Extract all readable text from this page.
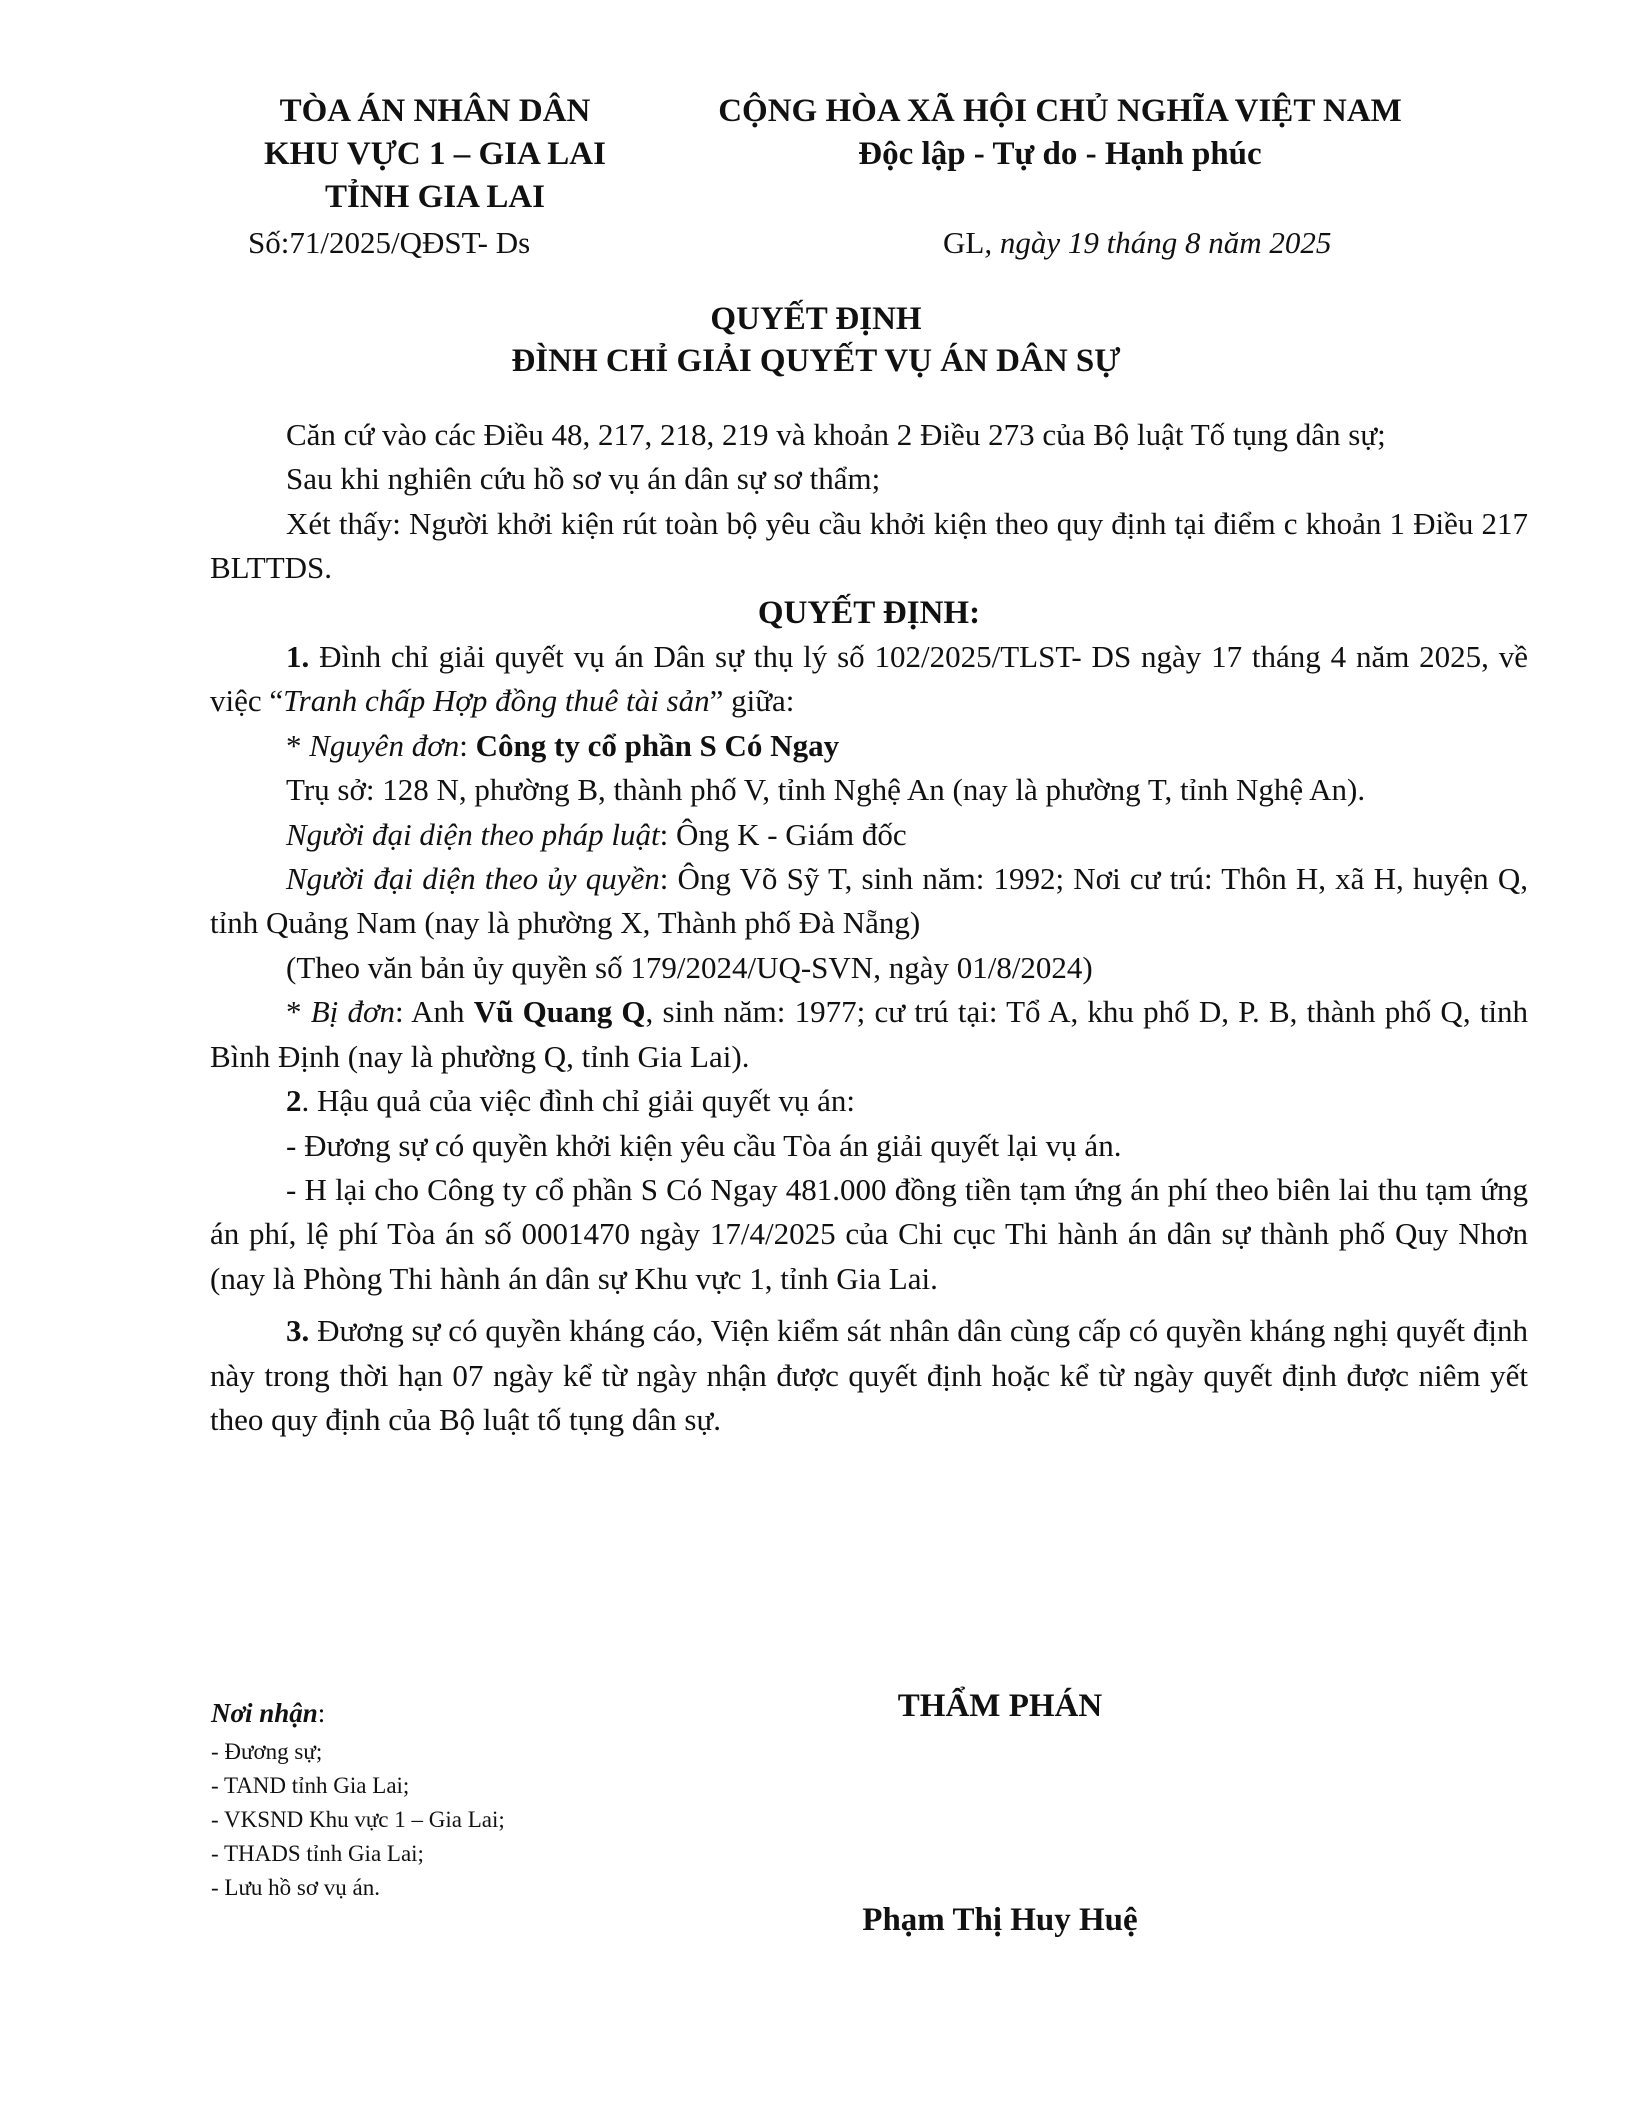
TÒA ÁN NHÂN DÂN
KHU VỰC 1 – GIA LAI
TỈNH GIA LAI
CỘNG HÒA XÃ HỘI CHỦ NGHĨA VIỆT NAM
Độc lập - Tự do - Hạnh phúc
Số:71/2025/QĐST- Ds	GL, ngày 19 tháng 8 năm 2025
QUYẾT ĐỊNH
ĐÌNH CHỈ GIẢI QUYẾT VỤ ÁN DÂN SỰ

Căn cứ vào các Điều 48, 217, 218, 219 và khoản 2 Điều 273 của Bộ luật Tố tụng dân sự;

Sau khi nghiên cứu hồ sơ vụ án dân sự sơ thẩm;

Xét thấy: Người khởi kiện rút toàn bộ yêu cầu khởi kiện theo quy định tại điểm c khoản 1 Điều 217 BLTTDS.

QUYẾT ĐỊNH:

1. Đình chỉ giải quyết vụ án Dân sự thụ lý số 102/2025/TLST- DS ngày 17 tháng 4 năm 2025, về việc “Tranh chấp Hợp đồng thuê tài sản” giữa:

* Nguyên đơn: Công ty cổ phần S Có Ngay

Trụ sở: 128 N, phường B, thành phố V, tỉnh Nghệ An (nay là phường T, tỉnh Nghệ An).

Người đại diện theo pháp luật: Ông K - Giám đốc

Người đại diện theo ủy quyền: Ông Võ Sỹ T, sinh năm: 1992; Nơi cư trú: Thôn H, xã H, huyện Q, tỉnh Quảng Nam (nay là phường X, Thành phố Đà Nẵng)

(Theo văn bản ủy quyền số 179/2024/UQ-SVN, ngày 01/8/2024)

* Bị đơn: Anh Vũ Quang Q, sinh năm: 1977; cư trú tại: Tổ A, khu phố D, P. B, thành phố Q, tỉnh Bình Định (nay là phường Q, tỉnh Gia Lai).

2. Hậu quả của việc đình chỉ giải quyết vụ án:

- Đương sự có quyền khởi kiện yêu cầu Tòa án giải quyết lại vụ án.

- H lại cho Công ty cổ phần S Có Ngay 481.000 đồng tiền tạm ứng án phí theo biên lai thu tạm ứng án phí, lệ phí Tòa án số 0001470 ngày 17/4/2025 của Chi cục Thi hành án dân sự thành phố Quy Nhơn (nay là Phòng Thi hành án dân sự Khu vực 1, tỉnh Gia Lai.

3. Đương sự có quyền kháng cáo, Viện kiểm sát nhân dân cùng cấp có quyền kháng nghị quyết định này trong thời hạn 07 ngày kể từ ngày nhận được quyết định hoặc kể từ ngày quyết định được niêm yết theo quy định của Bộ luật tố tụng dân sự.

Nơi nhận:
- Đương sự;
- TAND tỉnh Gia Lai;
- VKSND Khu vực 1 – Gia Lai;
- THADS tỉnh Gia Lai;
- Lưu hồ sơ vụ án.
THẨM PHÁN
Phạm Thị Huy Huệ
